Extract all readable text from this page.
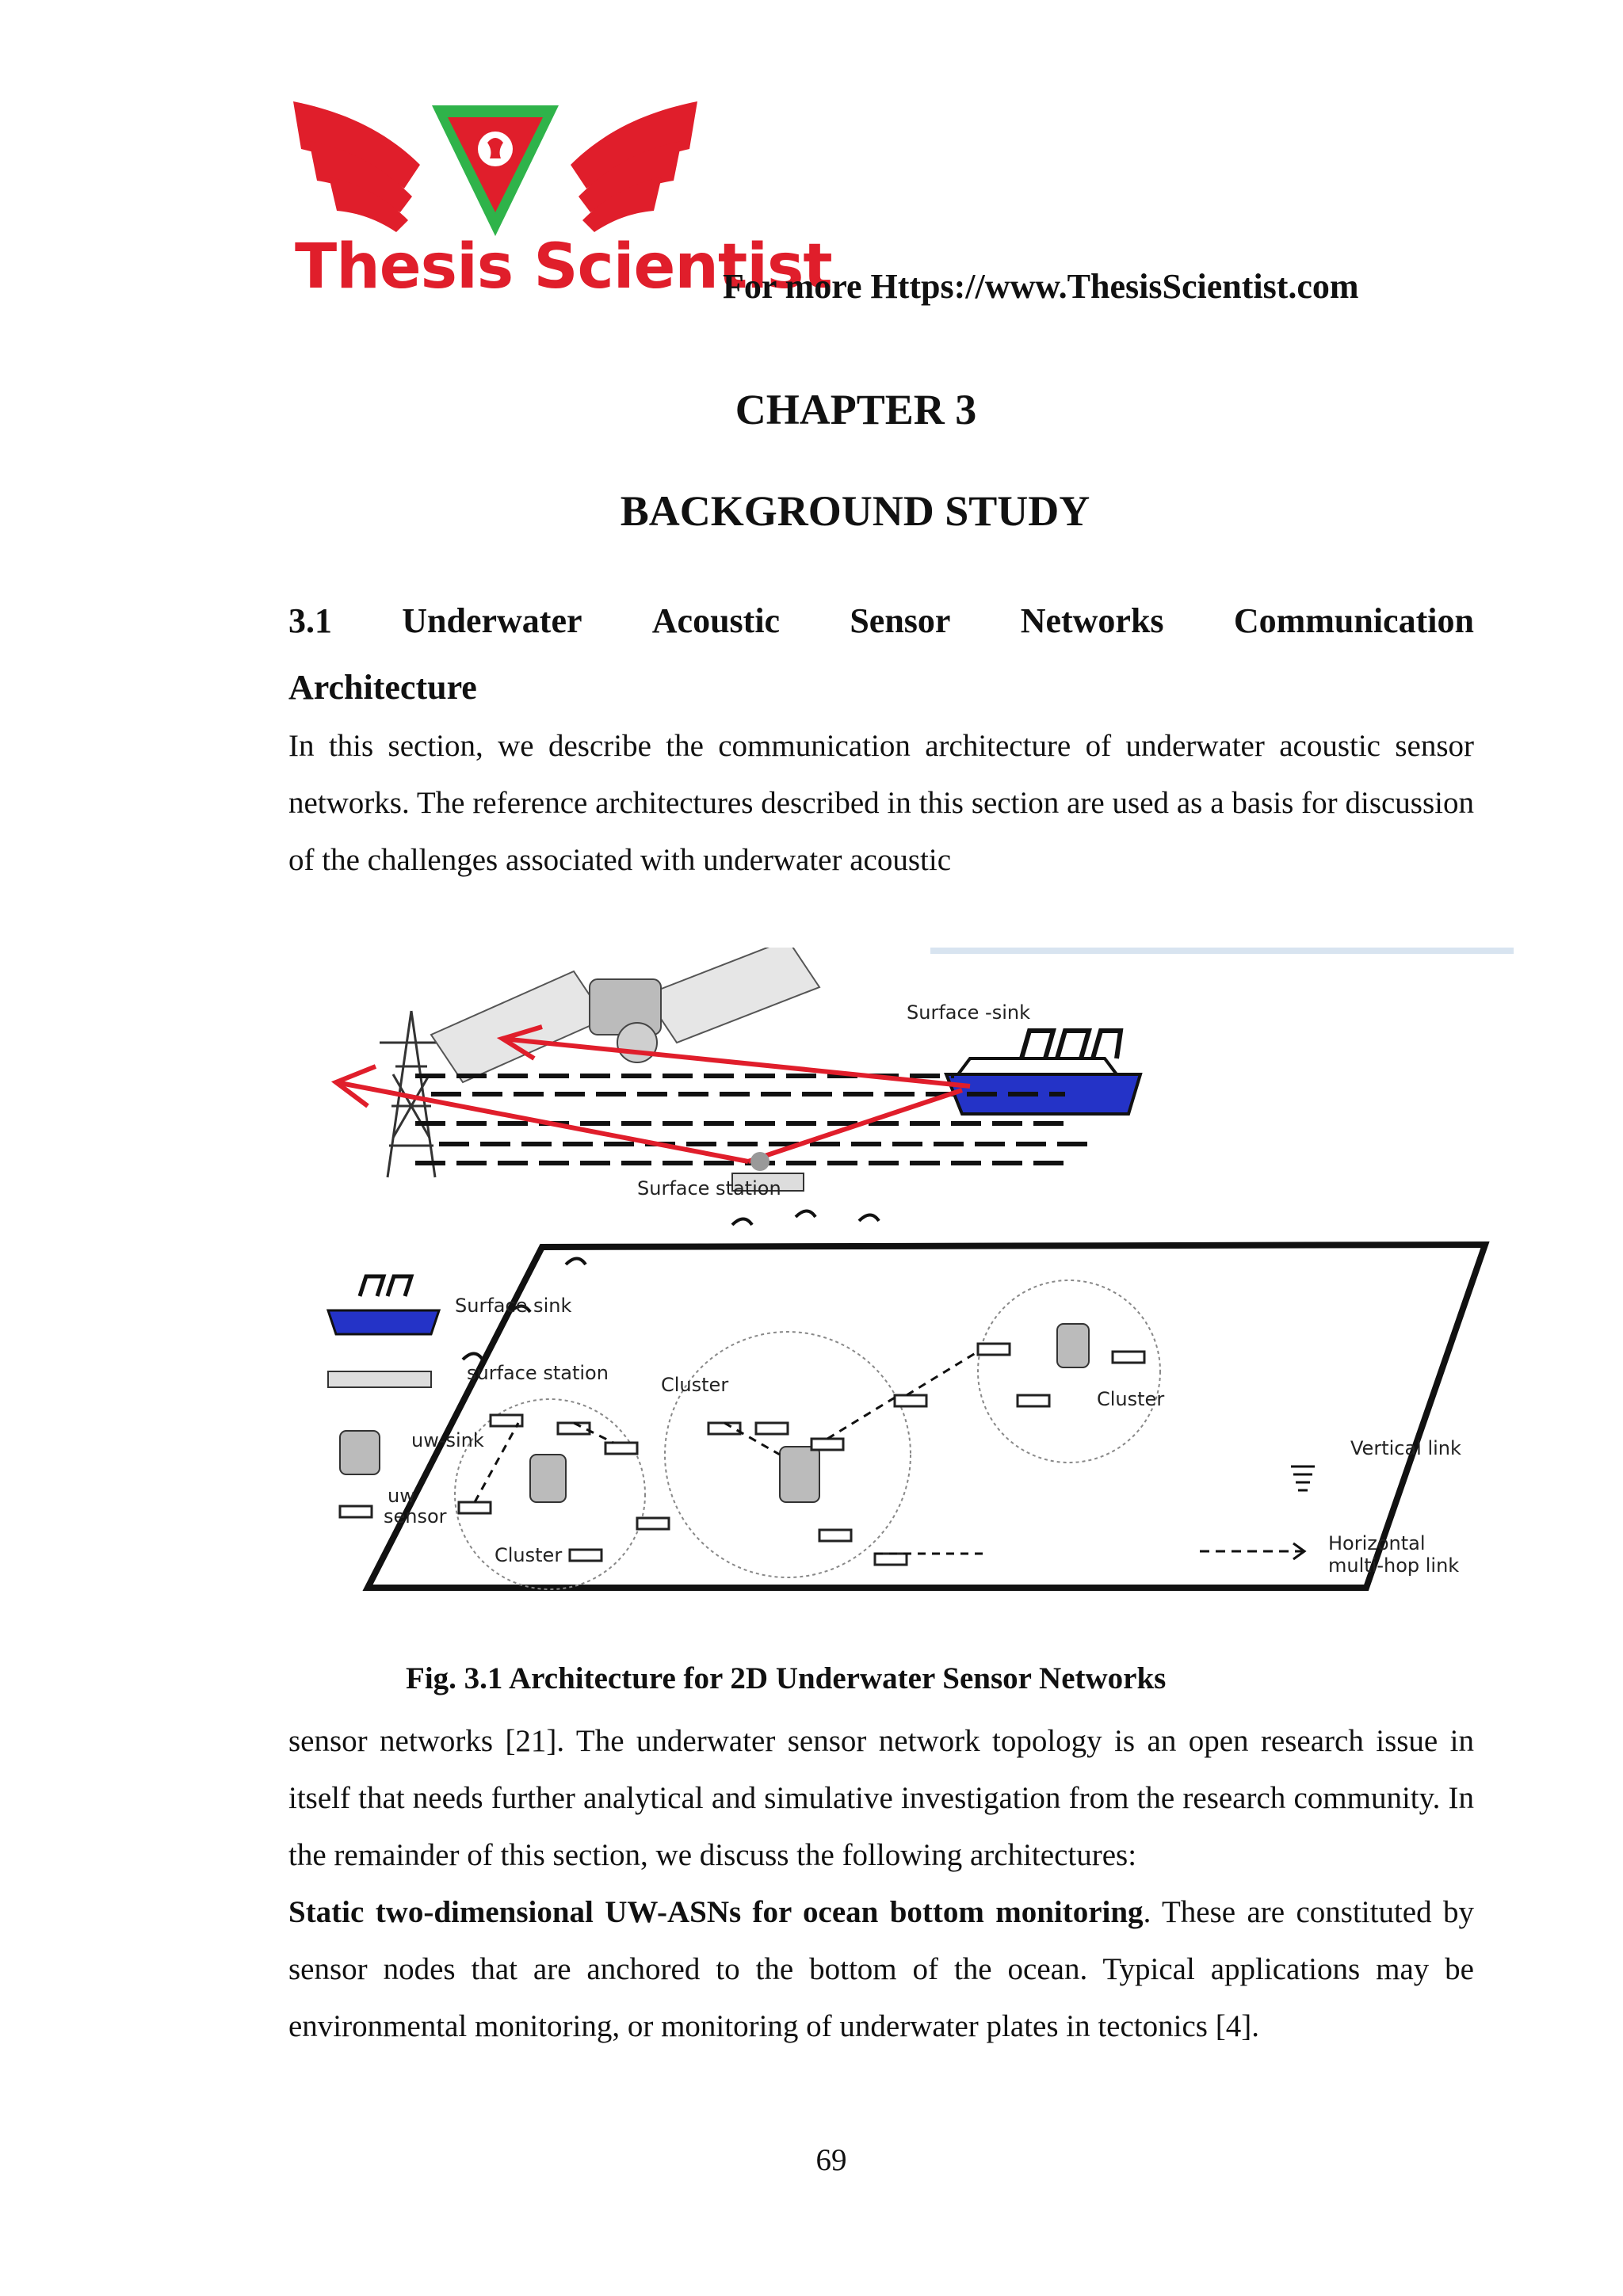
Thesis Scientist
For more Https://www.ThesisScientist.com
CHAPTER 3
BACKGROUND STUDY
3.1 Underwater Acoustic Sensor Networks Communication
Architecture
In this section, we describe the communication architecture of underwater acoustic sensor networks. The reference architectures described in this section are used as a basis for discussion of the challenges associated with underwater acoustic
Surface -sink
Surface station
Surface sink
surface station
uw-sink
uw
sensor
Cluster
Cluster
Cluster
Vertical link
Horizontal
multi-hop link
Fig. 3.1 Architecture for 2D Underwater Sensor Networks
sensor networks [21]. The underwater sensor network topology is an open research issue in itself that needs further analytical and simulative investigation from the research community. In the remainder of this section, we discuss the following architectures:
Static two-dimensional UW-ASNs for ocean bottom monitoring. These are constituted by sensor nodes that are anchored to the bottom of the ocean. Typical applications may be environmental monitoring, or monitoring of underwater plates in tectonics [4].
69
